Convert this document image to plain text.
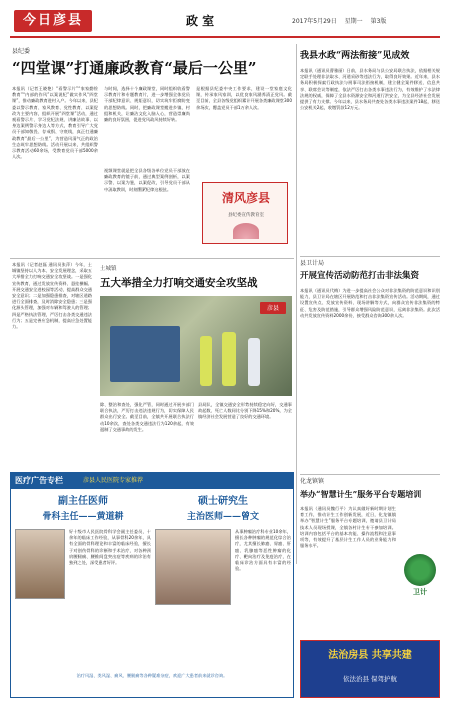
今日彦县	政 室	2017年5月29日 星期一 第3版
县纪委
“四堂课”打通廉政教育“最后一公里”
本报讯（记者王晓艳）“看警示片”“家家勤俭教育”“内部的作风”以案说纪”做实作风“四堂课”，推动廉政教育进村入户。今年以来，县纪委以警示教育、家风教育、党性教育、以案促改为主要内容，组织开展“四堂课”活动，通过观看警示片、学习党纪法规、讲廉洁故事、以身边案例警示身边人等方式，教育引导广大党员干部知敬畏、存戒惧、守底线，真正打通廉政教育“最后一公里”，为营造风清气正的政治生态筑牢思想防线。活动开展以来，共组织警示教育活动60余场，受教育党员干部5000余人次。
与时间，选择十个廉政课堂，同时组织收看警示教育片和专题教育片，进一步增强全体党员干部纪律意识、规矩意识，切实筑牢拒腐防变的思想防线。同时，把廉政课堂搬进乡镇、村组和机关，让廉洁文化入脑入心，营造崇廉尚廉的良好氛围，促进党风政风持续好转。
视频课堂就是把全县各级各单位党员干部放在廉政教育的镜子前，通过典型案例剖析，以案示警、以案为鉴，以案促改，引导党员干部从中汲取教训，时刻绷紧纪律这根弦。
是根据县纪委中央工作要求，建设一堂家庭文化课，传承家风家训，以优良家风涵养清正党风。截至目前，全县各级党组织累计开展各类廉政课堂300余场次，覆盖党员干部1万余人次。
清风彦县
县纪委宣传教育室
我县水政“两法衔接”见成效
本报讯（通讯员曹雅丽）日前，县水务局与县公安局联合执法，依据相关规定联手处理非法取水、河道采砂等违法行为，取得良好效果。近年来，县水务局积极探索行政执法与刑事司法衔接机制，建立健全案件移送、信息共享、联席会议等制度，依法严厉打击各类水事违法行为，有效维护了水法律法规的权威，保障了全县水资源安全和河道行洪安全，为全县经济社会发展提供了有力支撑。今年以来，县水务局共查处各类水事违法案件18起，移送公安机关2起，收缴罚款12万元。
本报讯（记者赵磊 通讯员张萍）今年，土城镇坚持以人为本、安全发展理念，采取五大举措全力打响交通安全攻坚战。一是强化宣传教育，通过发放宣传资料、悬挂横幅、开展交通安全进校园等活动，提高群众交通安全意识；二是加强隐患排查，对辖区道路进行全面排查，及时消除安全隐患；三是强化源头管理，加强对车辆和驾驶人的管理；四是严格执法管理，严厉打击各类交通违法行为；五是完善应急机制，提高应急处置能力。
土城镇
五大举措全力打响交通安全攻坚战
彦县
除、整治和查处，强化严管，同时通过开展多部门联合执法，严厉打击违法违规行为，切实保障人民群众出行安全。截至目前，全镇共开展联合执法行动10余次，查处各类交通违法行为120余起，有效遏制了交通事故的发生。
县局队，全镇交通安全形势持续稳定向好，交通事故起数、死亡人数同比分别下降15%和20%，为全镇经济社会发展营造了良好的交通环境。
县卫计局
开展宣传活动防范打击非法集资
本报讯（通讯员代梅）为进一步提高社会公众对非法集资的防范意识和识别能力，县卫计局在辖区开展防范和打击非法集资宣传活动。活动期间，通过设置宣传点、发放宣传资料、现场讲解等方式，向群众宣传非法集资的特征、危害及防范措施，引导群众增强风险防范意识，远离非法集资。此次活动共发放宣传资料2000余份，接受群众咨询300余人次。
化龙镇镇
举办“智慧计生”服务平台专题培训
本报讯（通讯员魏行平）为认真做好新时期计划生育工作，推动计生工作创新发展，近日，化龙镇镇举办“智慧计生”服务平台专题培训，邀请县卫计局技术人员现场授课，全镇各村计生专干参加培训。培训内容包括平台的基本功能、操作流程和注意事项等，有效提升了基层计生工作人员的业务能力和服务水平。
卫计
医疗广告专栏	彦县人民医院专家推荐
副主任医师
骨科主任——黄道耕
好十级市人民医院骨科学会副主任委员，十余年的临床工作经验，从事骨科20余年，具有全面的骨科理论和丰富的临床经验，擅长于对创伤骨科的诊断和手术治疗，对各种颈肩腰腿痛、腰椎间盘突出症等疾病的诊治有独到之处，深受患者好评。
硕士研究生
主治医师——曾文
从事肿瘤治疗科专业10余年，擅长各种肿瘤的规范化综合治疗，尤其擅长肺癌、胃癌、肝癌、乳腺癌等恶性肿瘤的化疗、靶向治疗及免疫治疗，在临床诊治方面具有丰富的经验。
治疗风湿、类风湿、痛风、腰腿痛等各种疑难杂症，欢迎广大患者前来就诊咨询。
法治房县 共享共建
依法治县 保驾护航
